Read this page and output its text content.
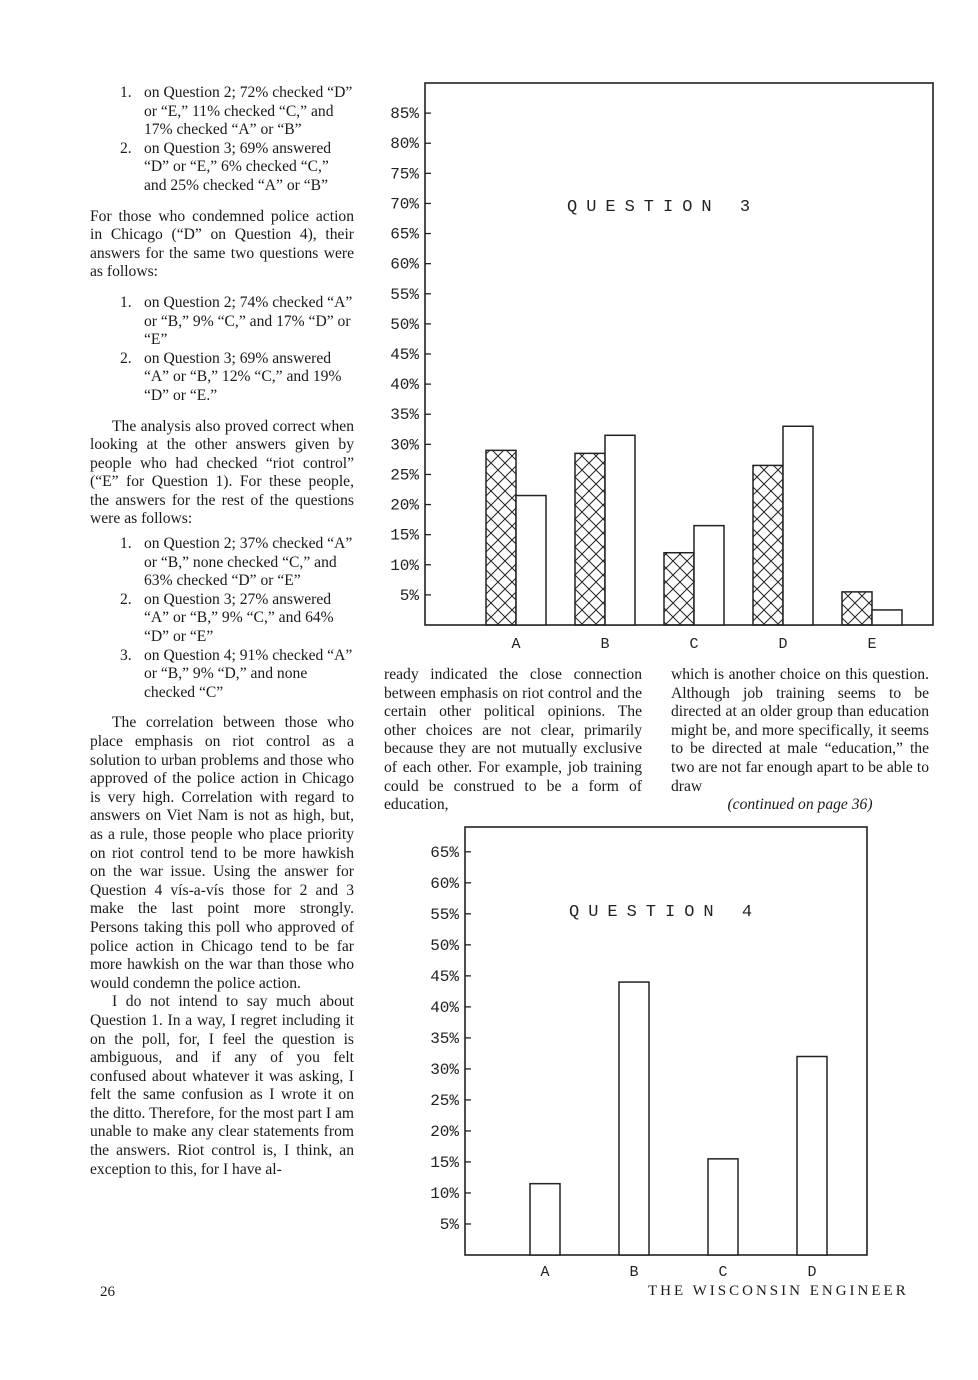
1. on Question 2; 72% checked “D” or “E,” 11% checked “C,” and 17% checked “A” or “B”
2. on Question 3; 69% answered “D” or “E,” 6% checked “C,” and 25% checked “A” or “B”

For those who condemned police action in Chicago (“D” on Question 4), their answers for the same two questions were as follows:

1. on Question 2; 74% checked “A” or “B,” 9% “C,” and 17% “D” or “E”
2. on Question 3; 69% answered “A” or “B,” 12% “C,” and 19% “D” or “E.”

The analysis also proved correct when looking at the other answers given by people who had checked “riot control” (“E” for Question 1). For these people, the answers for the rest of the questions were as follows:

1. on Question 2; 37% checked “A” or “B,” none checked “C,” and 63% checked “D” or “E”
2. on Question 3; 27% answered “A” or “B,” 9% “C,” and 64% “D” or “E”
3. on Question 4; 91% checked “A” or “B,” 9% “D,” and none checked “C”

The correlation between those who place emphasis on riot control as a solution to urban problems and those who approved of the police action in Chicago is very high. Correlation with regard to answers on Viet Nam is not as high, but, as a rule, those people who place priority on riot control tend to be more hawkish on the war issue. Using the answer for Question 4 vís-a-vís those for 2 and 3 make the last point more strongly. Persons taking this poll who approved of police action in Chicago tend to be far more hawkish on the war than those who would condemn the police action.

I do not intend to say much about Question 1. In a way, I regret including it on the poll, for, I feel the question is ambiguous, and if any of you felt confused about whatever it was asking, I felt the same confusion as I wrote it on the ditto. Therefore, for the most part I am unable to make any clear statements from the answers. Riot control is, I think, an exception to this, for I have al-

QUESTION 3
5%
10%
15%
20%
25%
30%
35%
40%
45%
50%
55%
60%
65%
70%
75%
80%
85%
A	B	C	D	E
ready indicated the close connection between emphasis on riot control and the certain other political opinions. The other choices are not clear, primarily because they are not mutually exclusive of each other. For example, job training could be construed to be a form of education,
which is another choice on this question. Although job training seems to be directed at an older group than education might be, and more specifically, it seems to be directed at male “education,” the two are not far enough apart to be able to draw
(continued on page 36)
QUESTION 4
5%
10%
15%
20%
25%
30%
35%
40%
45%
50%
55%
60%
65%
A	B	C	D
26	THE WISCONSIN ENGINEER
